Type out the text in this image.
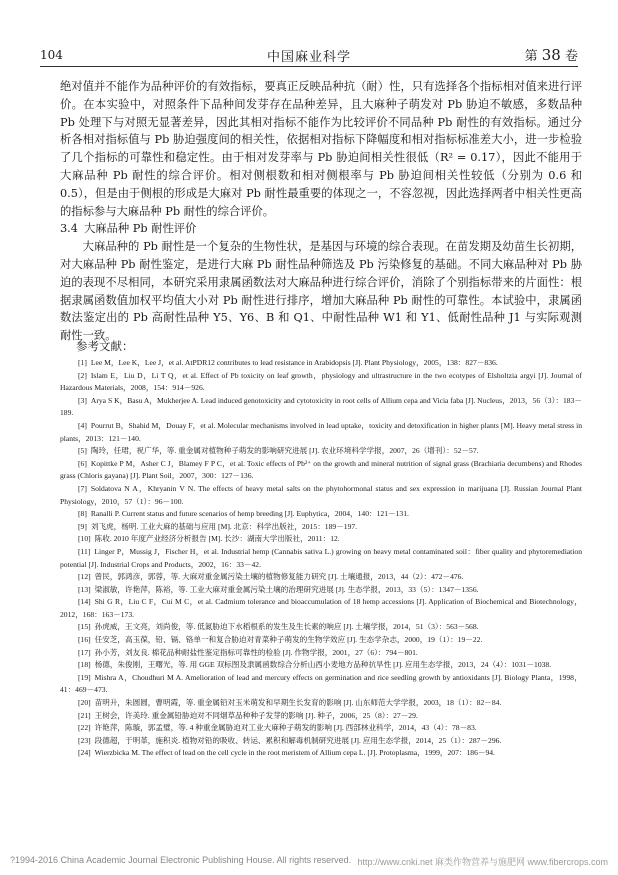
104	中国麻业科学	第 38 卷

绝对值并不能作为品种评价的有效指标，要真正反映品种抗（耐）性，只有选择各个指标相对值来进行评价。在本实验中，对照条件下品种间发芽存在品种差异，且大麻种子萌发对 Pb 胁迫不敏感，多数品种 Pb 处理下与对照无显著差异，因此其相对指标不能作为比较评价不同品种 Pb 耐性的有效指标。通过分析各相对指标值与 Pb 胁迫强度间的相关性，依据相对指标下降幅度和相对指标标准差大小，进一步检验了几个指标的可靠性和稳定性。由于相对发芽率与 Pb 胁迫间相关性很低（R² = 0.17），因此不能用于大麻品种 Pb 耐性的综合评价。相对侧根数和相对侧根率与 Pb 胁迫间相关性较低（分别为 0.6 和 0.5），但是由于侧根的形成是大麻对 Pb 耐性最重要的体现之一，不容忽视，因此选择两者中相关性更高的指标参与大麻品种 Pb 耐性的综合评价。

3.4 大麻品种 Pb 耐性评价

大麻品种的 Pb 耐性是一个复杂的生物性状，是基因与环境的综合表现。在苗发期及幼苗生长初期，对大麻品种 Pb 耐性鉴定，是进行大麻 Pb 耐性品种筛选及 Pb 污染修复的基础。不同大麻品种对 Pb 胁迫的表现不尽相同，本研究采用隶属函数法对大麻品种进行综合评价，消除了个别指标带来的片面性：根据隶属函数值加权平均值大小对 Pb 耐性进行排序，增加大麻品种 Pb 耐性的可靠性。本试验中，隶属函数法鉴定出的 Pb 高耐性品种 Y5、Y6、B 和 Q1、中耐性品种 W1 和 Y1、低耐性品种 J1 与实际观测耐性一致。

参考文献：

[1] Lee M，Lee K，Lee J，et al. AtPDR12 contributes to lead resistance in Arabidopsis [J]. Plant Physiology，2005，138：827－836.

[2] Islam E，Liu D，Li T Q，et al. Effect of Pb toxicity on leaf growth，physiology and ultrastructure in the two ecotypes of Elsholtzia argyi [J]. Journal of Hazardous Materials，2008，154：914－926.

[3] Arya S K，Basu A，Mukherjee A. Lead induced genotoxicity and cytotoxicity in root cells of Allium cepa and Vicia faba [J]. Nucleus，2013，56（3）：183－189.

[4] Pourrut B，Shahid M，Douay F，et al. Molecular mechanisms involved in lead uptake，toxicity and detoxification in higher plants [M]. Heavy metal stress in plants，2013：121－140.

[5] 陶玲，任珺，祝广华，等. 重金属对植物种子萌发的影响研究进展 [J]. 农业环境科学学报，2007，26（增刊）：52－57.

[6] Kopittke P M，Asher C J，Blamey F P C，et al. Toxic effects of Pb²⁺ on the growth and mineral nutrition of signal grass (Brachiaria decumbens) and Rhodes grass (Chloris gayana) [J]. Plant Soil，2007，300：127－136.

[7] Soldatova N A，Khryanin V N. The effects of heavy metal salts on the phytohormonal status and sex expression in marijuana [J]. Russian Journal Plant Physiology，2010，57（1）：96－100.

[8] Ranalli P. Current status and future scenarios of hemp breeding [J]. Euphytica，2004，140：121－131.

[9] 刘飞虎，杨明. 工业大麻的基础与应用 [M]. 北京：科学出版社，2015：189－197.

[10] 陈收. 2010 年度产业经济分析报告 [M]. 长沙：湖南大学出版社，2011：12.

[11] Linger P，Mussig J，Fischer H，et al. Industrial hemp (Cannabis sativa L.) growing on heavy metal contaminated soil：fiber quality and phytoremediation potential [J]. Industrial Crops and Products，2002，16：33－42.

[12] 曾民，郭鸿彦，郭蓉，等. 大麻对重金属污染土壤的植物修复能力研究 [J]. 土壤通报，2013，44（2）：472－476.

[13] 梁淑敏，许艳萍，陈裕，等. 工业大麻对重金属污染土壤的治理研究进展 [J]. 生态学报，2013，33（5）：1347－1356.

[14] Shi G R，Liu C F，Cui M C，et al. Cadmium tolerance and bioaccumulation of 18 hemp accessions [J]. Application of Biochemical and Biotechnology，2012，168：163－173.

[15] 孙虎威，王文亮，刘尚俊，等. 低氮胁迫下水稻根系的发生及生长素的响应 [J]. 土壤学报，2014，51（3）：563－568.

[16] 任安芝，高玉葆，铅、镉、铬单一和复合胁迫对青菜种子萌发的生物学效应 [J]. 生态学杂志，2000，19（1）：19－22.

[17] 孙小芳，刘友良. 棉花品种耐盐性鉴定指标可靠性的检验 [J]. 作物学报，2001，27（6）：794－801.

[18] 杨德，朱俊刚，王曙光，等. 用 GGE 双标图及隶属函数综合分析山西小麦地方品种抗旱性 [J]. 应用生态学报，2013，24（4）：1031－1038.

[19] Mishra A，Choudhuri M A. Amelioration of lead and mercury effects on germination and rice seedling growth by antioxidants [J]. Biology Planta，1998，41：469－473.

[20] 苗明升，朱圆圆，曹明霞，等. 重金属铅对玉米萌发和早期生长发育的影响 [J]. 山东师范大学学报，2003，18（1）：82－84.

[21] 王树会，许美玲. 重金属铅胁迫对不同烟草品种种子发芽的影响 [J]. 种子，2006，25（8）：27－29.

[22] 许艳萍，陈璇，郭孟璧，等. 4 种重金属胁迫对工业大麻种子萌发的影响 [J]. 西部林业科学，2014，43（4）：78－83.

[23] 段德超，于明革，施积炎. 植物对铅的吸收、转运、累积和解毒机制研究进展 [J]. 应用生态学报，2014，25（1）：287－296.

[24] Wierzbicka M. The effect of lead on the cell cycle in the root meristem of Allium cepa L. [J]. Protoplasma，1999，207：186－94.

?1994-2016 China Academic Journal Electronic Publishing House. All rights reserved. http://www.cnki.net 麻类作物营养与施肥网 www.fibercrops.com
